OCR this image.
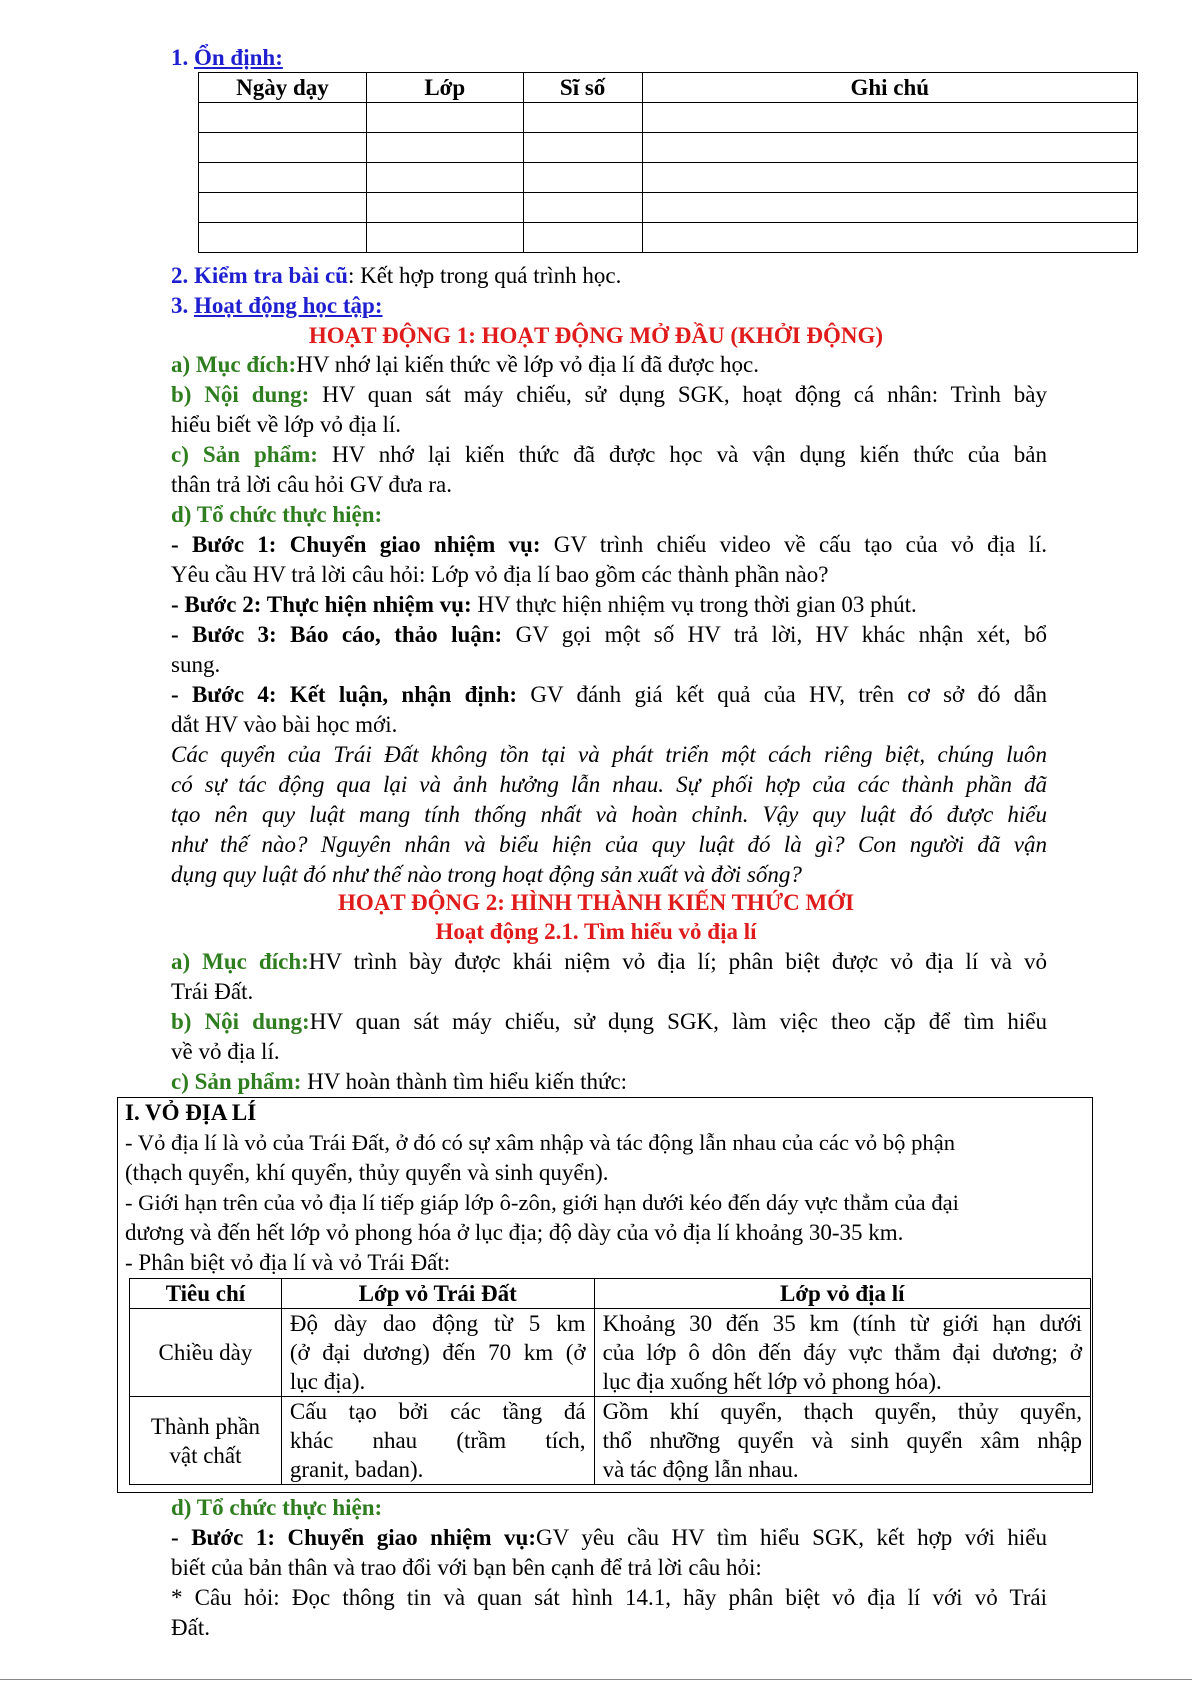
1. Ổn định:
Ngày dạy	Lớp	Sĩ số	Ghi chú

2. Kiểm tra bài cũ: Kết hợp trong quá trình học.
3. Hoạt động học tập:
HOẠT ĐỘNG 1: HOẠT ĐỘNG MỞ ĐẦU (KHỞI ĐỘNG)
a) Mục đích:HV nhớ lại kiến thức về lớp vỏ địa lí đã được học.
b) Nội dung: HV quan sát máy chiếu, sử dụng SGK, hoạt động cá nhân: Trình bày
hiểu biết về lớp vỏ địa lí.
c) Sản phẩm: HV nhớ lại kiến thức đã được học và vận dụng kiến thức của bản
thân trả lời câu hỏi GV đưa ra.
d) Tổ chức thực hiện:
- Bước 1: Chuyển giao nhiệm vụ: GV trình chiếu video về cấu tạo của vỏ địa lí.
Yêu cầu HV trả lời câu hỏi: Lớp vỏ địa lí bao gồm các thành phần nào?
- Bước 2: Thực hiện nhiệm vụ: HV thực hiện nhiệm vụ trong thời gian 03 phút.
- Bước 3: Báo cáo, thảo luận: GV gọi một số HV trả lời, HV khác nhận xét, bổ
sung.
- Bước 4: Kết luận, nhận định: GV đánh giá kết quả của HV, trên cơ sở đó dẫn
dắt HV vào bài học mới.
Các quyển của Trái Đất không tồn tại và phát triển một cách riêng biệt, chúng luôn
có sự tác động qua lại và ảnh hưởng lẫn nhau. Sự phối hợp của các thành phần đã
tạo nên quy luật mang tính thống nhất và hoàn chỉnh. Vậy quy luật đó được hiểu
như thế nào? Nguyên nhân và biểu hiện của quy luật đó là gì? Con người đã vận
dụng quy luật đó như thế nào trong hoạt động sản xuất và đời sống?
HOẠT ĐỘNG 2: HÌNH THÀNH KIẾN THỨC MỚI
Hoạt động 2.1. Tìm hiểu vỏ địa lí
a) Mục đích:HV trình bày được khái niệm vỏ địa lí; phân biệt được vỏ địa lí và vỏ
Trái Đất.
b) Nội dung:HV quan sát máy chiếu, sử dụng SGK, làm việc theo cặp để tìm hiểu
về vỏ địa lí.
c) Sản phẩm: HV hoàn thành tìm hiểu kiến thức:
I. VỎ ĐỊA LÍ
- Vỏ địa lí là vỏ của Trái Đất, ở đó có sự xâm nhập và tác động lẫn nhau của các vỏ bộ phận
(thạch quyển, khí quyển, thủy quyển và sinh quyển).
- Giới hạn trên của vỏ địa lí tiếp giáp lớp ô-zôn, giới hạn dưới kéo đến dáy vực thẳm của đại
dương và đến hết lớp vỏ phong hóa ở lục địa; độ dày của vỏ địa lí khoảng 30-35 km.
- Phân biệt vỏ địa lí và vỏ Trái Đất:
Tiêu chí	Lớp vỏ Trái Đất	Lớp vỏ địa lí
Chiều dày	Độ dày dao động từ 5 km
(ở đại dương) đến 70 km (ở
lục địa).	Khoảng 30 đến 35 km (tính từ giới hạn dưới
của lớp ô dôn đến đáy vực thẳm đại dương; ở
lục địa xuống hết lớp vỏ phong hóa).

Thành phần
vật chất	Cấu tạo bởi các tầng đá
khác nhau (trầm tích,
granit, badan).	Gồm khí quyển, thạch quyển, thủy quyển,
thổ nhưỡng quyển và sinh quyển xâm nhập
và tác động lẫn nhau.
d) Tổ chức thực hiện:
- Bước 1: Chuyển giao nhiệm vụ:GV yêu cầu HV tìm hiểu SGK, kết hợp với hiểu
biết của bản thân và trao đổi với bạn bên cạnh để trả lời câu hỏi:
* Câu hỏi: Đọc thông tin và quan sát hình 14.1, hãy phân biệt vỏ địa lí với vỏ Trái
Đất.
